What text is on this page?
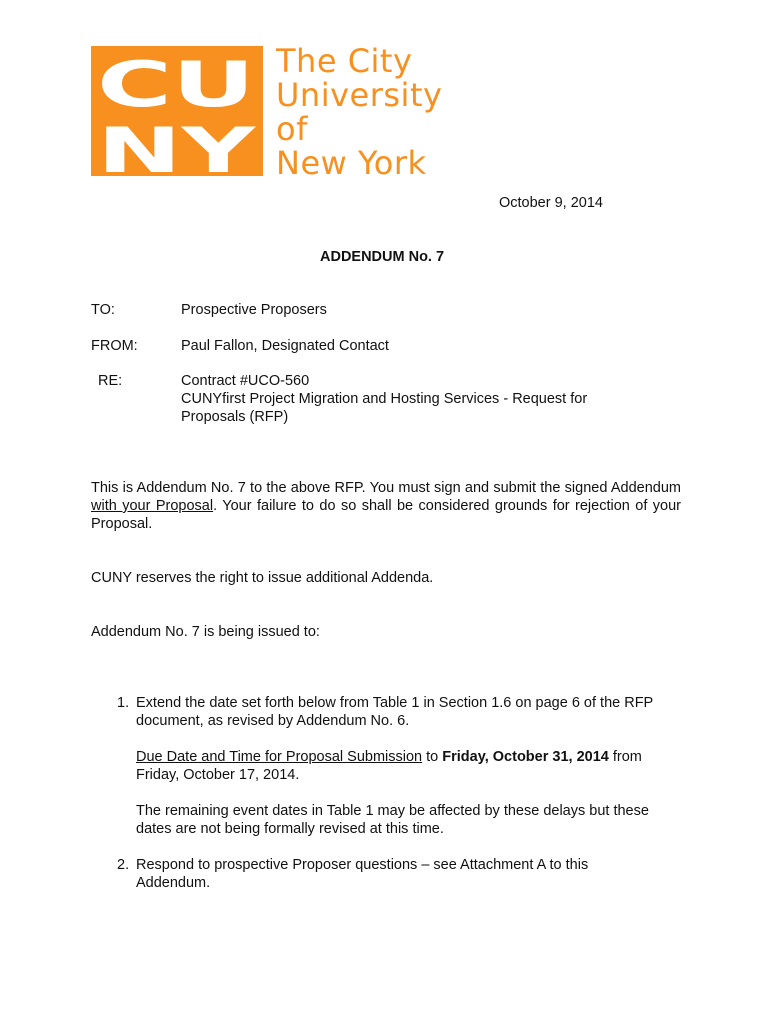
CU
NY
The City
University
of
New York
October 9, 2014
ADDENDUM No. 7
TO:	Prospective Proposers
FROM:	Paul Fallon, Designated Contact
RE:	Contract #UCO-560
CUNYfirst Project Migration and Hosting Services - Request for
Proposals (RFP)
This is Addendum No. 7 to the above RFP. You must sign and submit the signed Addendum with your Proposal. Your failure to do so shall be considered grounds for rejection of your Proposal.
CUNY reserves the right to issue additional Addenda.
Addendum No. 7 is being issued to:
1. Extend the date set forth below from Table 1 in Section 1.6 on page 6 of the RFP document, as revised by Addendum No. 6.
Due Date and Time for Proposal Submission to Friday, October 31, 2014 from Friday, October 17, 2014.
The remaining event dates in Table 1 may be affected by these delays but these dates are not being formally revised at this time.
2. Respond to prospective Proposer questions – see Attachment A to this Addendum.
